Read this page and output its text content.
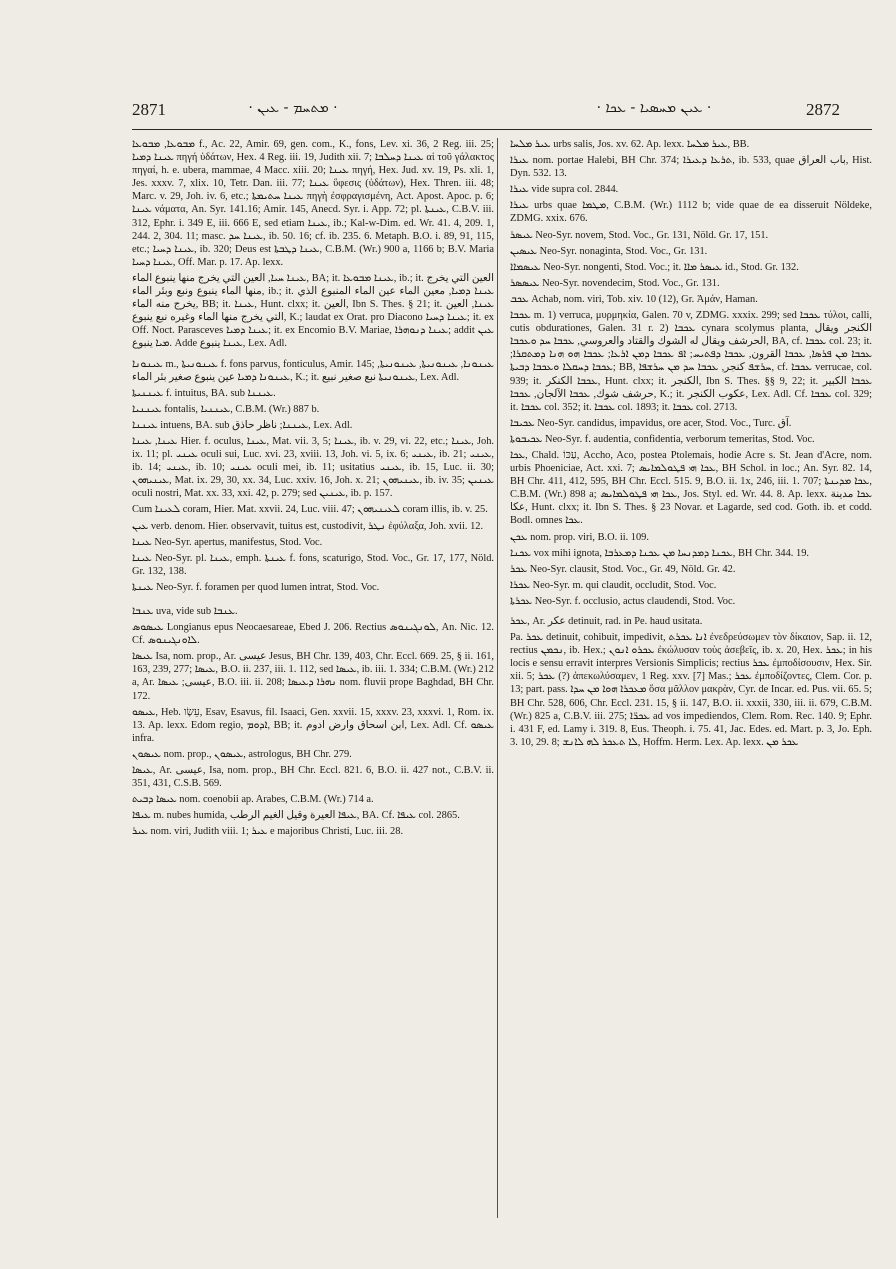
2871	· ܡܬܚܡ - ܥܝܢ ·	· ܥܝܢ ܡܚܣܝܐ - ܥܟܐ ·	2872

ܡܒܘܥܐ, ܡܒܘܥܐ f., Ac. 22, Amir. 69, gen. com., K., fons, Lev. xi. 36, 2 Reg. iii. 25; ܥܝܢܐ ܕܡܝܐ πηγή ὑδάτων, Hex. 4 Reg. iii. 19, Judith xii. 7; ܥܝܢܐ ܕܚܠܒܐ αἱ τοῦ γάλακτος πηγαί, h. e. ubera, mammae, 4 Macc. xiii. 20; ܥܝܢܐ πηγή, Hex. Jud. xv. 19, Ps. xli. 1, Jes. xxxv. 7, xlix. 10, Tetr. Dan. iii. 77; ܥܝܢܐ ὕφεσις (ὑδάτων), Hex. Thren. iii. 48; Marc. v. 29, Joh. iv. 6, etc.; ܥܝܢܐ ܚܬܝܡܬܐ πηγὴ ἐσφραγισμένη, Act. Apost. Apoc. p. 6; ܥܝܢܐ νάματα, An. Syr. 141.16; Amir. 145, Anecd. Syr. i. App. 72; pl. ܥܝܢܬܐ, C.B.V. iii. 312, Ephr. i. 349 E, iii. 666 E, sed etiam ܥܝܢܐ, ib.; Kal-w-Dim. ed. Wr. 41. 4, 209. 1, 244. 2, 304. 11; masc. ܥܝܢܐ ܚܕ, ib. 50. 16; cf. ib. 235. 6. Metaph. B.O. i. 89, 91, 115, etc.; ܥܝܢܐ ܕܚܝܐ, ib. 320; Deus est ܥܝܢܐ ܕܛܒܬܐ, C.B.M. (Wr.) 900 a, 1166 b; B.V. Maria ܥܝܢܐ ܕܚܝܐ, Off. Mar. p. 17. Ap. lexx.

ܥܝܢܐ ܚܝܐ, العين التي يخرج منها ينبوع الماء, BA; it. ܥܝܢܐ ܡܒܘܥܐ, ib.; it. العين التي يخرج منها الماء ينبوع ونبع وبئر الماء, ib.; it. ܥܝܢܐ ܕܡܝܐ, معين الماء عين الماء المنبوع الذي يخرج منه الماء, BB; it. ܥܝܢܐ, Hunt. clxx; it. العين, Ibn S. Thes. § 21; it. ܥܝܢܐ, العين التي يخرج منها الماء وغيره نبع ينبوع, K.; laudat ex Orat. pro Diacono ܥܝܢܐ ܕܚܝܐ; it. ex Off. Noct. Parasceves ܥܝܢܐ ܕܡܝܐ; it. ex Encomio B.V. Mariae, ܥܝܢܐ ܕܢܘܗܪܐ; addit ܥܝܢ ܡܝܐ ينبوع. Adde ܥܝܢܐ ينبوع, Lex. Adl.

ܥܝܢܘܢܐ m., ܥܝܢܘܢܝܬܐ f. fons parvus, fonticulus, Amir. 145; ܥܝܢܘܢܐ, ܥܝܢܘܢܝܬܐ, ܥܝܢܘܢܝܬܐ, ܥܝܢܘܢܐ ܕܡܝܐ عين ينبوع صغير بئر الماء, K.; it. ܥܝܢܘܢܝܬܐ نبع صغير نبيع, Lex. Adl.

ܥܝܢܢܝܬܐ f. intuitus, BA. sub ܥܝܢܢܐ.

ܥܝܢܢܝܐ fontalis, ܥܝܢܢܝܐ, C.B.M. (Wr.) 887 b.

ܥܝܢܢܐ intuens, BA. sub ܥܝܢܢܐ; ناظر حاذق, Lex. Adl.

ܥܝܢܐ, ܥܝܢܐ Hier. f. oculus, ܥܝܢܐ, Mat. vii. 3, 5; ܥܝܢܐ, ib. v. 29, vi. 22, etc.; ܥܝܢܐ, Joh. ix. 11; pl. ܥܝܢܝ oculi sui, Luc. xvi. 23, xviii. 13, Joh. vi. 5, ix. 6; ܥܝܢܝ, ib. 21; ܥܝܢܝ, ib. 14; ܥܝܢܝ, ib. 10; ܥܝܢܝ oculi mei, ib. 11; usitatius ܥܝܢܝ, ib. 15, Luc. ii. 30; ܥܝܢܝܗܘܢ, Mat. ix. 29, 30, xx. 34, Luc. xxiv. 16, Joh. x. 21; ܥܝܢܝܗܘܢ, ib. iv. 35; ܥܝܢܝܢ oculi nostri, Mat. xx. 33, xxi. 42, p. 279; sed ܥܝܢܝܢ, ib. p. 157.

Cum ܠܥܝܢܐ coram, Hier. Mat. xxvii. 24, Luc. viii. 47; ܠܥܝܢܝܗܘܢ coram illis, ib. v. 25.

ܥܝܢ verb. denom. Hier. observavit, tuitus est, custodivit, ܢܛܪ ἐφύλαξα, Joh. xvii. 12.

ܥܝܢܐ Neo-Syr. apertus, manifestus, Stod. Voc.

ܥܝܢܐ Neo-Syr. pl. ܥܝܢܐ, emph. ܥܝܢܬܐ f. fons, scaturigo, Stod. Voc., Gr. 17, 177, Nöld. Gr. 132, 138.

ܥܝܢܬܐ Neo-Syr. f. foramen per quod lumen intrat, Stod. Voc.

ܥܢܒܐ uva, vide sub ܥܢܒܐ.

ܥܝܣܘܣ Longianus epus Neocaesareae, Ebed J. 206. Rectius ܠܘܢܓܝܢܘܣ, An. Nic. 12. Cf. ܠܐܘܢܓܝܢܘܣ.

ܥܝܣܐ Isa, nom. prop., Ar. عيسى Jesus, BH Chr. 139, 403, Chr. Eccl. 669. 25, § ii. 161, 163, 239, 277; ܥܝܣܐ, B.O. ii. 237, iii. 1. 112, sed ܥܝܣܐ, ib. iii. 1. 334; C.B.M. (Wr.) 212 a, Ar. عيسى; ܥܝܣܐ, B.O. iii. ii. 208; ܢܗܪܐ ܕܥܝܣܐ nom. fluvii prope Baghdad, BH Chr. 172.

ܥܝܣܘ, Heb. עֵשָׂו, Esav, Esavus, fil. Isaaci, Gen. xxvii. 15, xxxv. 23, xxxvi. 1, Rom. ix. 13. Ap. lexx. Edom regio, ܐܕܘܡ, BB; it. ابن اسحاق وارض ادوم, Lex. Adl. Cf. ܥܝܣܘ infra.

ܥܝܣܘܢ nom. prop., ܥܝܣܘܢ, astrologus, BH Chr. 279.

ܥܝܣܐ, Ar. عيسى, Isa, nom. prop., BH Chr. Eccl. 821. 6, B.O. ii. 427 not., C.B.V. ii. 351, 431, C.S.B. 569.

ܥܝܣܐ ܕܒܝܬ nom. coenobii ap. Arabes, C.B.M. (Wr.) 714 a.

ܥܝܦܐ m. nubes humida, ܥܝܦܐ العيرة وقيل الغيم الرطب, BA. Cf. ܥܝܦܐ col. 2865.

ܥܝܪ nom. viri, Judith viii. 1; ܥܝܪ e majoribus Christi, Luc. iii. 28.

ܥܝܪ ܡܠܚܐ urbs salis, Jos. xv. 62. Ap. lexx. ܥܝܪ ܡܠܚܐ, BB.

ܥܝܪܐ nom. portae Halebi, BH Chr. 374; ܬܪܥܐ ܕܥܝܪܐ, ib. 533, quae باب العراق, Hist. Dyn. 532. 13.

ܥܝܪܐ vide supra col. 2844.

ܥܝܪܐ urbs quae ܡܛܡܐ, C.B.M. (Wr.) 1112 b; vide quae de ea disseruit Nöldeke, ZDMG. xxix. 676.

ܥܝܣܪ Neo-Syr. novem, Stod. Voc., Gr. 131, Nöld. Gr. 17, 151.

ܥܝܣܝܢ Neo-Syr. nonaginta, Stod. Voc., Gr. 131.

ܥܝܣܡܐܐ Neo-Syr. nongenti, Stod. Voc.; it. ܥܝܣܪ ܡܐܐ id., Stod. Gr. 132.

ܥܝܣܣܪ Neo-Syr. novendecim, Stod. Voc., Gr. 131.

ܥܟܒ Achab, nom. viri, Tob. xiv. 10 (12), Gr. Ἀμάν, Haman.

ܥܟܒܐ m. 1) verruca, μυρμηκία, Galen. 70 v, ZDMG. xxxix. 299; sed ܥܟܒܐ τύλοι, calli, cutis obdurationes, Galen. 31 r. 2) ܥܟܒܐ cynara scolymus planta, الكنجر ويقال الحرشف ويقال له الشوك والقتاد والعروسي, ܥܟܒܐ ܚܕ ܘܥܟܒܐ, BA, cf. ܥܟܒܐ col. 23; it. ܥܟܒܐ ܡܢ ܦܪܣܐ, ܥܟܒܐ القرون, ܥܟܒܐ ܕܦܬܝܚ; ܐܦ ܥܟܒܐ ܕܡܢ ܐܪܥܐ; ܥܟܒܐ ܗܘ ܗܢܐ ܕܡܬܩܪܐ; ܥܟܒܐ ܕܚܩܠܐ ܘܥܟܒܐ ܕܒܝܬܐ; BB, ܚܪܫܦ كنجر, ܥܟܒܐ ܚܕ ܡܢ ܚܪܫܦܐ, cf. ܥܟܒܐ verrucae, col. 939; it. ܥܟܒܐ الكنكر, Hunt. clxx; it. الكنجر, Ibn S. Thes. §§ 9, 22; it. ܥܟܒܐ الكبير حرشف شوك, ܥܟܒܐ الآلجان, ܥܟܒܐ, K.; it. عكوب الكنجر, Lex. Adl. Cf. ܥܟܒܐ col. 329; it. ܥܟܒܐ col. 352; it. ܥܟܒܐ col. 1893; it. ܥܟܒܐ col. 2713.

ܥܟܝܒܐ Neo-Syr. candidus, impavidus, ore acer, Stod. Voc., Turc. آق.

ܥܟܝܒܘܬܐ Neo-Syr. f. audentia, confidentia, verborum temeritas, Stod. Voc.

ܥܟܐ, Chald. עַכּוֹ, Accho, Aco, postea Ptolemais, hodie Acre s. St. Jean d'Acre, nom. urbis Phoeniciae, Act. xxi. 7; ܥܟܐ ܗܝ ܦܛܘܠܡܐܝܣ, BH Schol. in loc.; An. Syr. 82. 14, BH Chr. 411, 412, 595, BH Chr. Eccl. 515. 9, B.O. ii. 1x, 246, iii. 1. 707; ܥܟܐ ܡܕܝܢܬܐ, C.B.M. (Wr.) 898 a; ܥܟܐ ܗܝ ܦܛܘܠܡܐܝܣ, Jos. Styl. ed. Wr. 44. 8. Ap. lexx. ܥܟܐ مدينة عكا, Hunt. clxx; it. Ibn S. Thes. § 23 Novar. et Lagarde, sed cod. Goth. ib. et codd. Bodl. omnes ܥܟܐ.

ܥܟܢ nom. prop. viri, B.O. ii. 109.

ܥܟܢܐ vox mihi ignota, ܥܟܢܐ ܕܡܕܢܚܐ ܡܢ ܥܟܢܐ ܕܡܥܪܒܐ, BH Chr. 344. 19.

ܥܟܪ Neo-Syr. clausit, Stod. Voc., Gr. 49, Nöld. Gr. 42.

ܥܟܪܐ Neo-Syr. m. qui claudit, occludit, Stod. Voc.

ܥܟܪܬܐ Neo-Syr. f. occlusio, actus claudendi, Stod. Voc.

ܥܟܪ, Ar. عكر detinuit, rad. in Pe. haud usitata.

Pa. ܥܟܪ detinuit, cohibuit, impedivit, ܐܢܐ ܥܟܪܬ ἐνεδρεύσωμεν τὸν δίκαιον, Sap. ii. 12, rectius ܢܟܡܢ, ib. Hex.; ܥܟܪܘ ܐܢܘܢ ἐκώλυσαν τοὺς ἀσεβεῖς, ib. x. 20, Hex. ܥܟܪ; in his locis e sensu erravit interpres Versionis Simplicis; rectius ܥܟܪ ἐμποδίσουσιν, Hex. Sir. xii. 5; ܥܟܪ (?) ἀπεκωλύσαμεν, 1 Reg. xxv. [7] Mas.; ܥܟܪ ἐμποδίζοντες, Clem. Cor. p. 13; part. pass. ܡܥܟܪܐ ܗܘܐ ܡܢ ܚܕܐ ὅσα μᾶλλον μακρὰν, Cyr. de Incar. ed. Pus. vii. 65. 5; BH Chr. 528, 606, Chr. Eccl. 231. 15, § ii. 147, B.O. ii. xxxii, 330, iii. ii. 679, C.B.M. (Wr.) 825 a, C.B.V. iii. 275; ܥܟܪ̈ܐ ad vos impediendos, Clem. Rom. Rec. 140. 9; Ephr. i. 431 F, ed. Lamy i. 319. 8, Eus. Theoph. i. 75. 41, Jac. Edes. ed. Mart. p. 3, Jo. Eph. 3. 10, 29. 8; ܠܐ ܬܥܟܪ ܠܗ ܠܐܢܫ, Hoffm. Herm. Lex. Ap. lexx. ܥܟܪ ܡܢ
